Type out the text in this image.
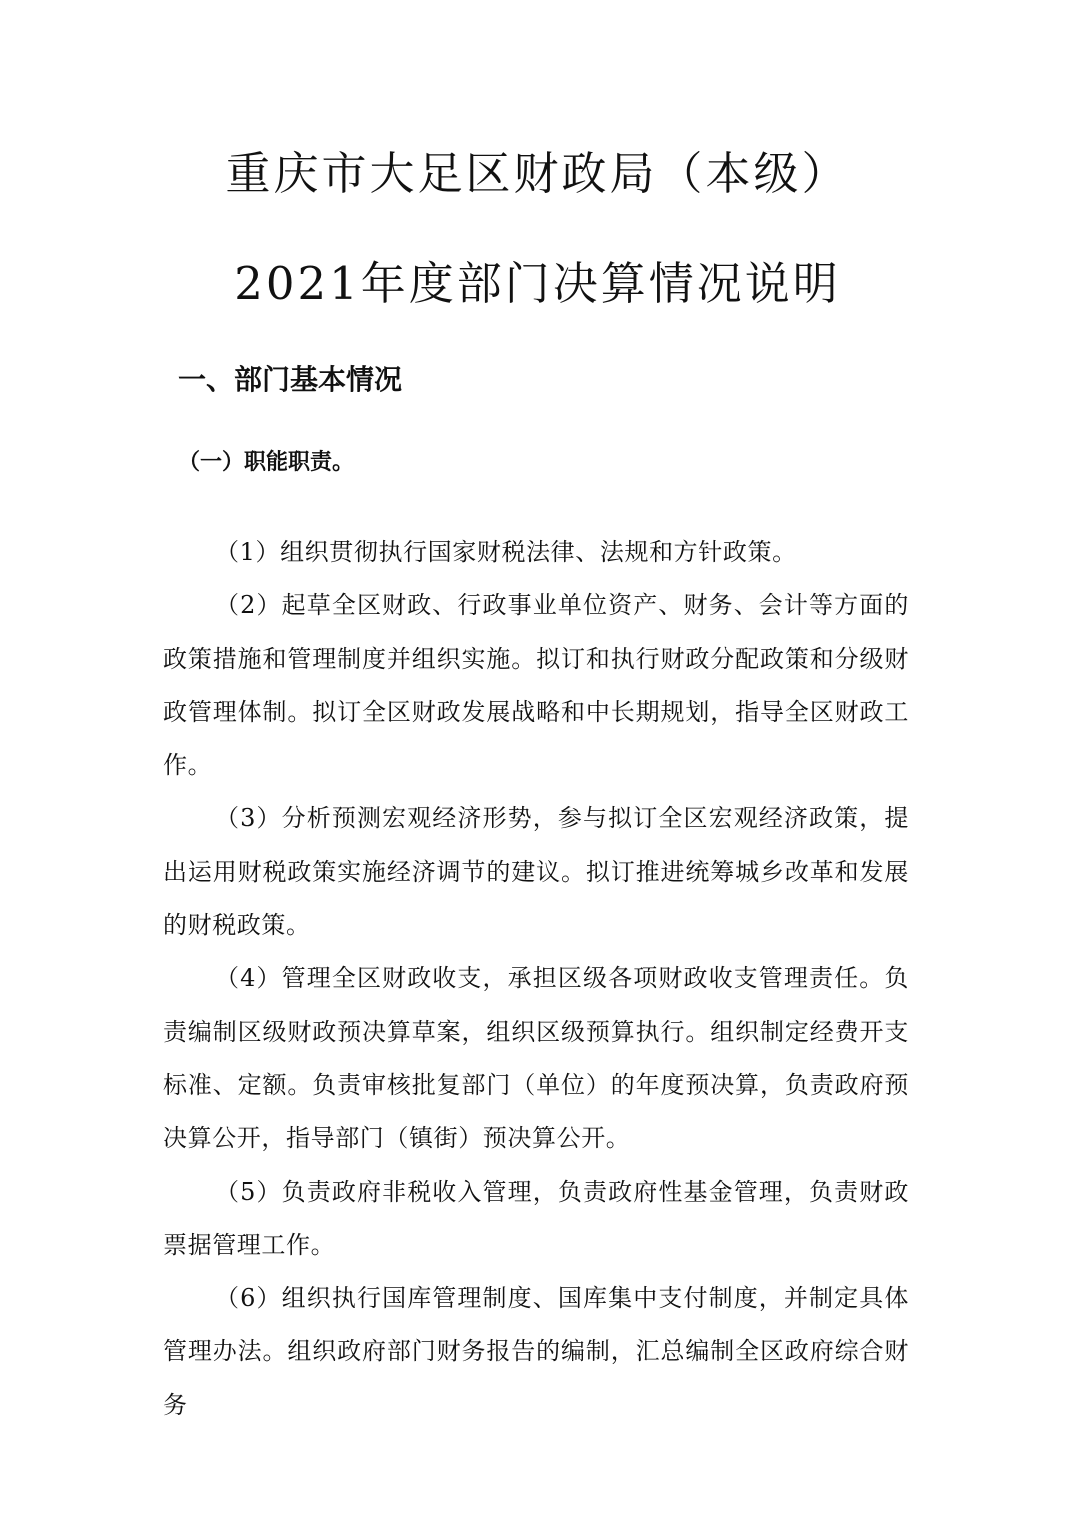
重庆市大足区财政局（本级）
2021年度部门决算情况说明
一、部门基本情况
（一）职能职责。

（1）组织贯彻执行国家财税法律、法规和方针政策。

（2）起草全区财政、行政事业单位资产、财务、会计等方面的政策措施和管理制度并组织实施。拟订和执行财政分配政策和分级财政管理体制。拟订全区财政发展战略和中长期规划，指导全区财政工作。

（3）分析预测宏观经济形势，参与拟订全区宏观经济政策，提出运用财税政策实施经济调节的建议。拟订推进统筹城乡改革和发展的财税政策。

（4）管理全区财政收支，承担区级各项财政收支管理责任。负责编制区级财政预决算草案，组织区级预算执行。组织制定经费开支标准、定额。负责审核批复部门（单位）的年度预决算，负责政府预决算公开，指导部门（镇街）预决算公开。

（5）负责政府非税收入管理，负责政府性基金管理，负责财政票据管理工作。

（6）组织执行国库管理制度、国库集中支付制度，并制定具体管理办法。组织政府部门财务报告的编制，汇总编制全区政府综合财务
